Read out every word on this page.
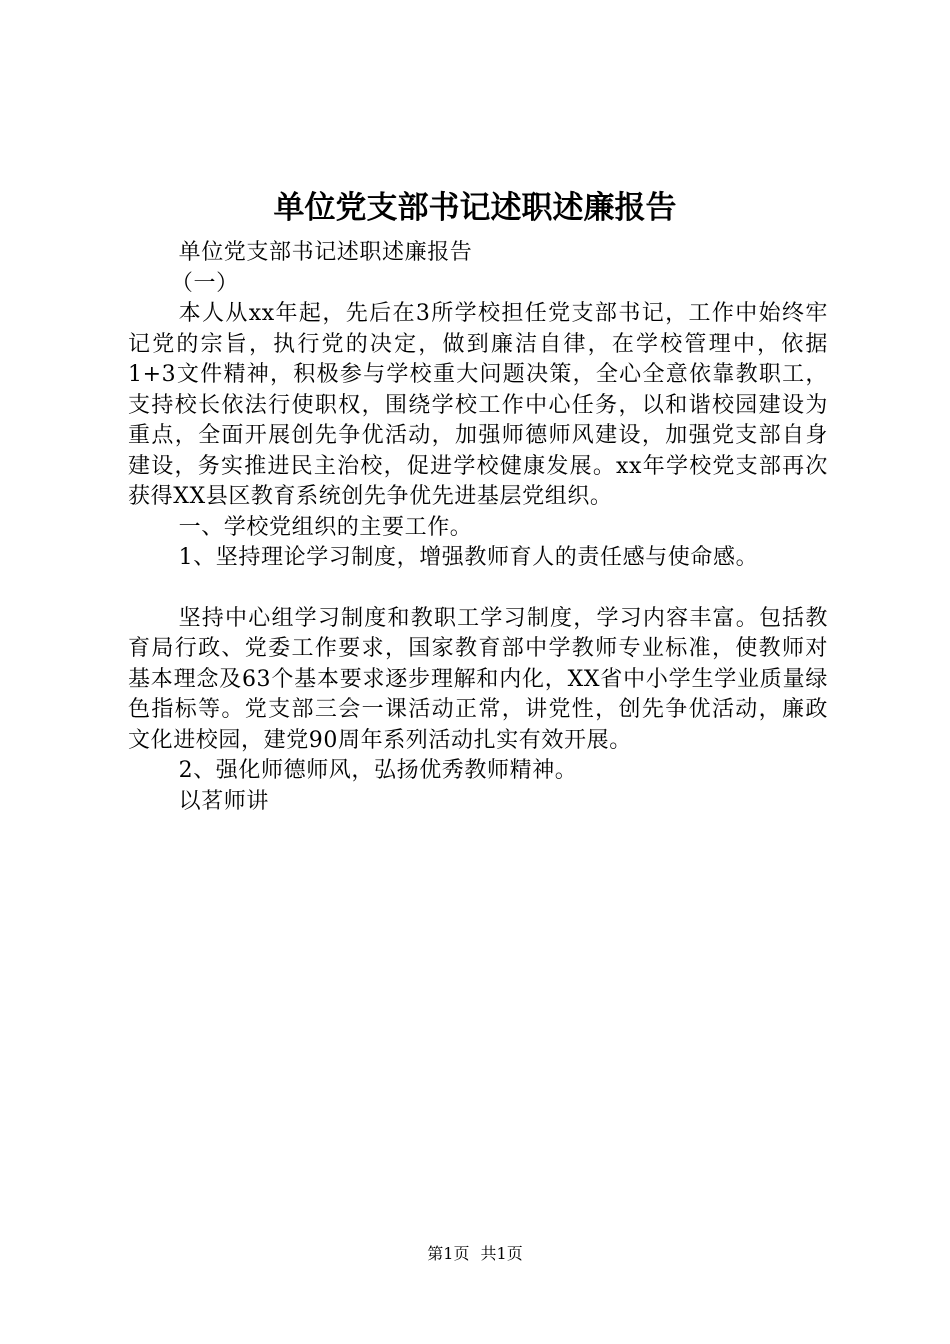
单位党支部书记述职述廉报告

单位党支部书记述职述廉报告

（一）

本人从xx年起，先后在3所学校担任党支部书记，工作中始终牢记党的宗旨，执行党的决定，做到廉洁自律，在学校管理中，依据1+3文件精神，积极参与学校重大问题决策，全心全意依靠教职工，支持校长依法行使职权，围绕学校工作中心任务，以和谐校园建设为重点，全面开展创先争优活动，加强师德师风建设，加强党支部自身建设，务实推进民主治校，促进学校健康发展。xx年学校党支部再次获得XX县区教育系统创先争优先进基层党组织。

一、学校党组织的主要工作。

1、坚持理论学习制度，增强教师育人的责任感与使命感。

坚持中心组学习制度和教职工学习制度，学习内容丰富。包括教育局行政、党委工作要求，国家教育部中学教师专业标准，使教师对基本理念及63个基本要求逐步理解和内化，XX省中小学生学业质量绿色指标等。党支部三会一课活动正常，讲党性，创先争优活动，廉政文化进校园，建党90周年系列活动扎实有效开展。

2、强化师德师风，弘扬优秀教师精神。

以茗师讲

第1页 共1页
